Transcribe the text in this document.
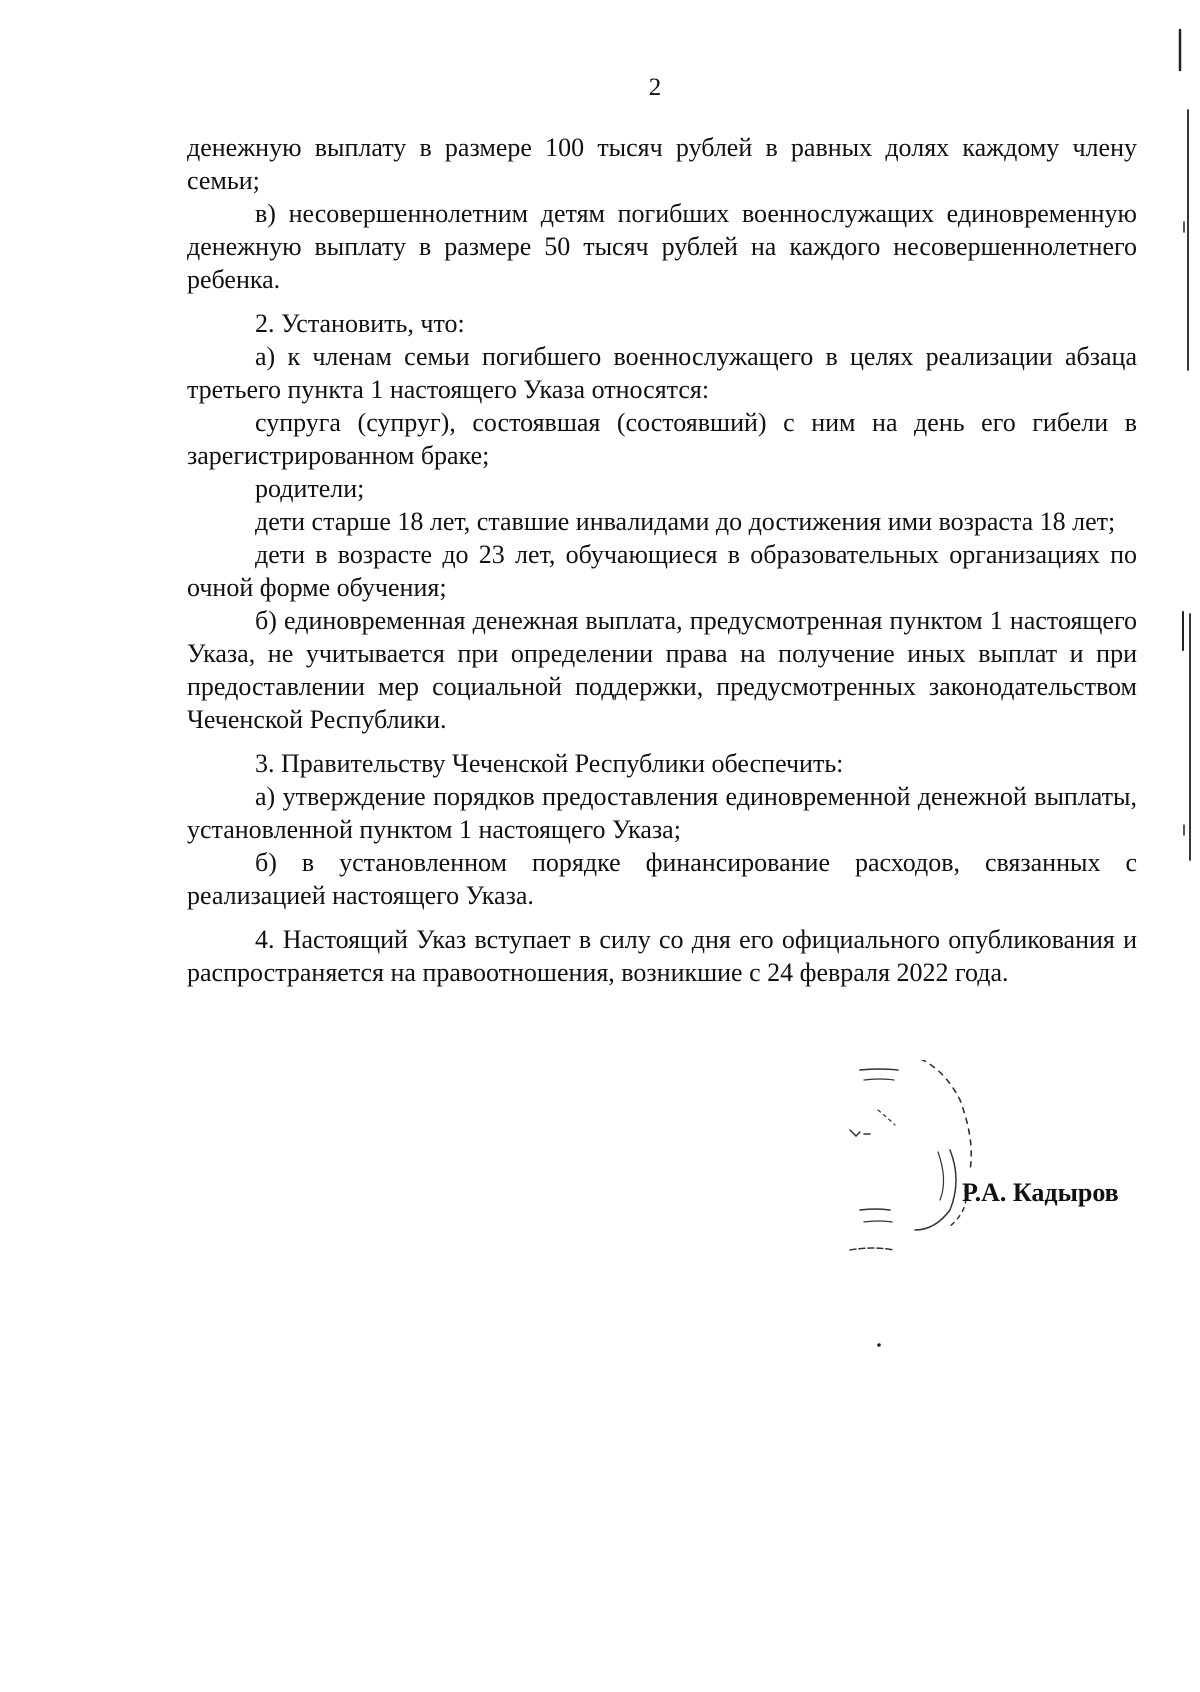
2

денежную выплату в размере 100 тысяч рублей в равных долях каждому члену семьи;

в) несовершеннолетним детям погибших военнослужащих единовременную денежную выплату в размере 50 тысяч рублей на каждого несовершеннолетнего ребенка.

2. Установить, что:

а) к членам семьи погибшего военнослужащего в целях реализации абзаца третьего пункта 1 настоящего Указа относятся:

супруга (супруг), состоявшая (состоявший) с ним на день его гибели в зарегистрированном браке;

родители;

дети старше 18 лет, ставшие инвалидами до достижения ими возраста 18 лет;

дети в возрасте до 23 лет, обучающиеся в образовательных организациях по очной форме обучения;

б) единовременная денежная выплата, предусмотренная пунктом 1 настоящего Указа, не учитывается при определении права на получение иных выплат и при предоставлении мер социальной поддержки, предусмотренных законодательством Чеченской Республики.

3. Правительству Чеченской Республики обеспечить:

а) утверждение порядков предоставления единовременной денежной выплаты, установленной пунктом 1 настоящего Указа;

б) в установленном порядке финансирование расходов, связанных с реализацией настоящего Указа.

4. Настоящий Указ вступает в силу со дня его официального опубликования и распространяется на правоотношения, возникшие с 24 февраля 2022 года.

Р.А. Кадыров
